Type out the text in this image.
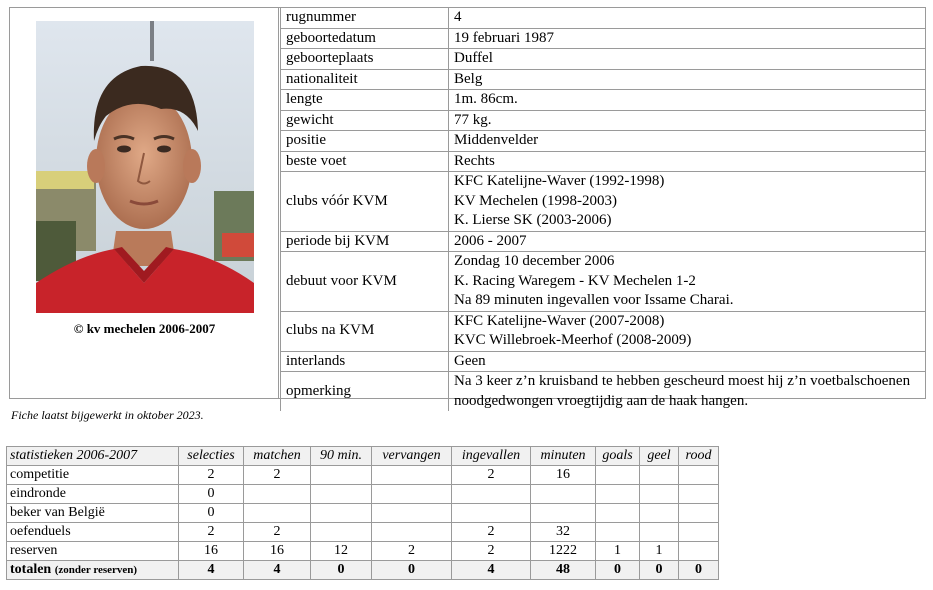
© kv mechelen 2006-2007
rugnummer	4

geboortedatum	19 februari 1987

geboorteplaats	Duffel

nationaliteit	Belg

lengte	1m. 86cm.

gewicht	77 kg.

positie	Middenvelder

beste voet	Rechts

clubs vóór KVM	KFC Katelijne-Waver (1992-1998)
KV Mechelen (1998-2003)
K. Lierse SK (2003-2006)

periode bij KVM	2006 - 2007

debuut voor KVM	Zondag 10 december 2006
K. Racing Waregem - KV Mechelen 1-2
Na 89 minuten ingevallen voor Issame Charai.

clubs na KVM	KFC Katelijne-Waver (2007-2008)
KVC Willebroek-Meerhof (2008-2009)

interlands	Geen

opmerking	Na 3 keer z’n kruisband te hebben gescheurd moest hij z’n voetbalschoenen noodgedwongen vroegtijdig aan de haak hangen.
Fiche laatst bijgewerkt in oktober 2023.
statistieken 2006-2007	selecties	matchen	90 min.	vervangen	ingevallen	minuten	goals	geel	rood
competitie	2	2			2	16			
eindronde	0								
beker van België	0								
oefenduels	2	2			2	32			
reserven	16	16	12	2	2	1222	1	1	
totalen (zonder reserven)	4	4	0	0	4	48	0	0	0
